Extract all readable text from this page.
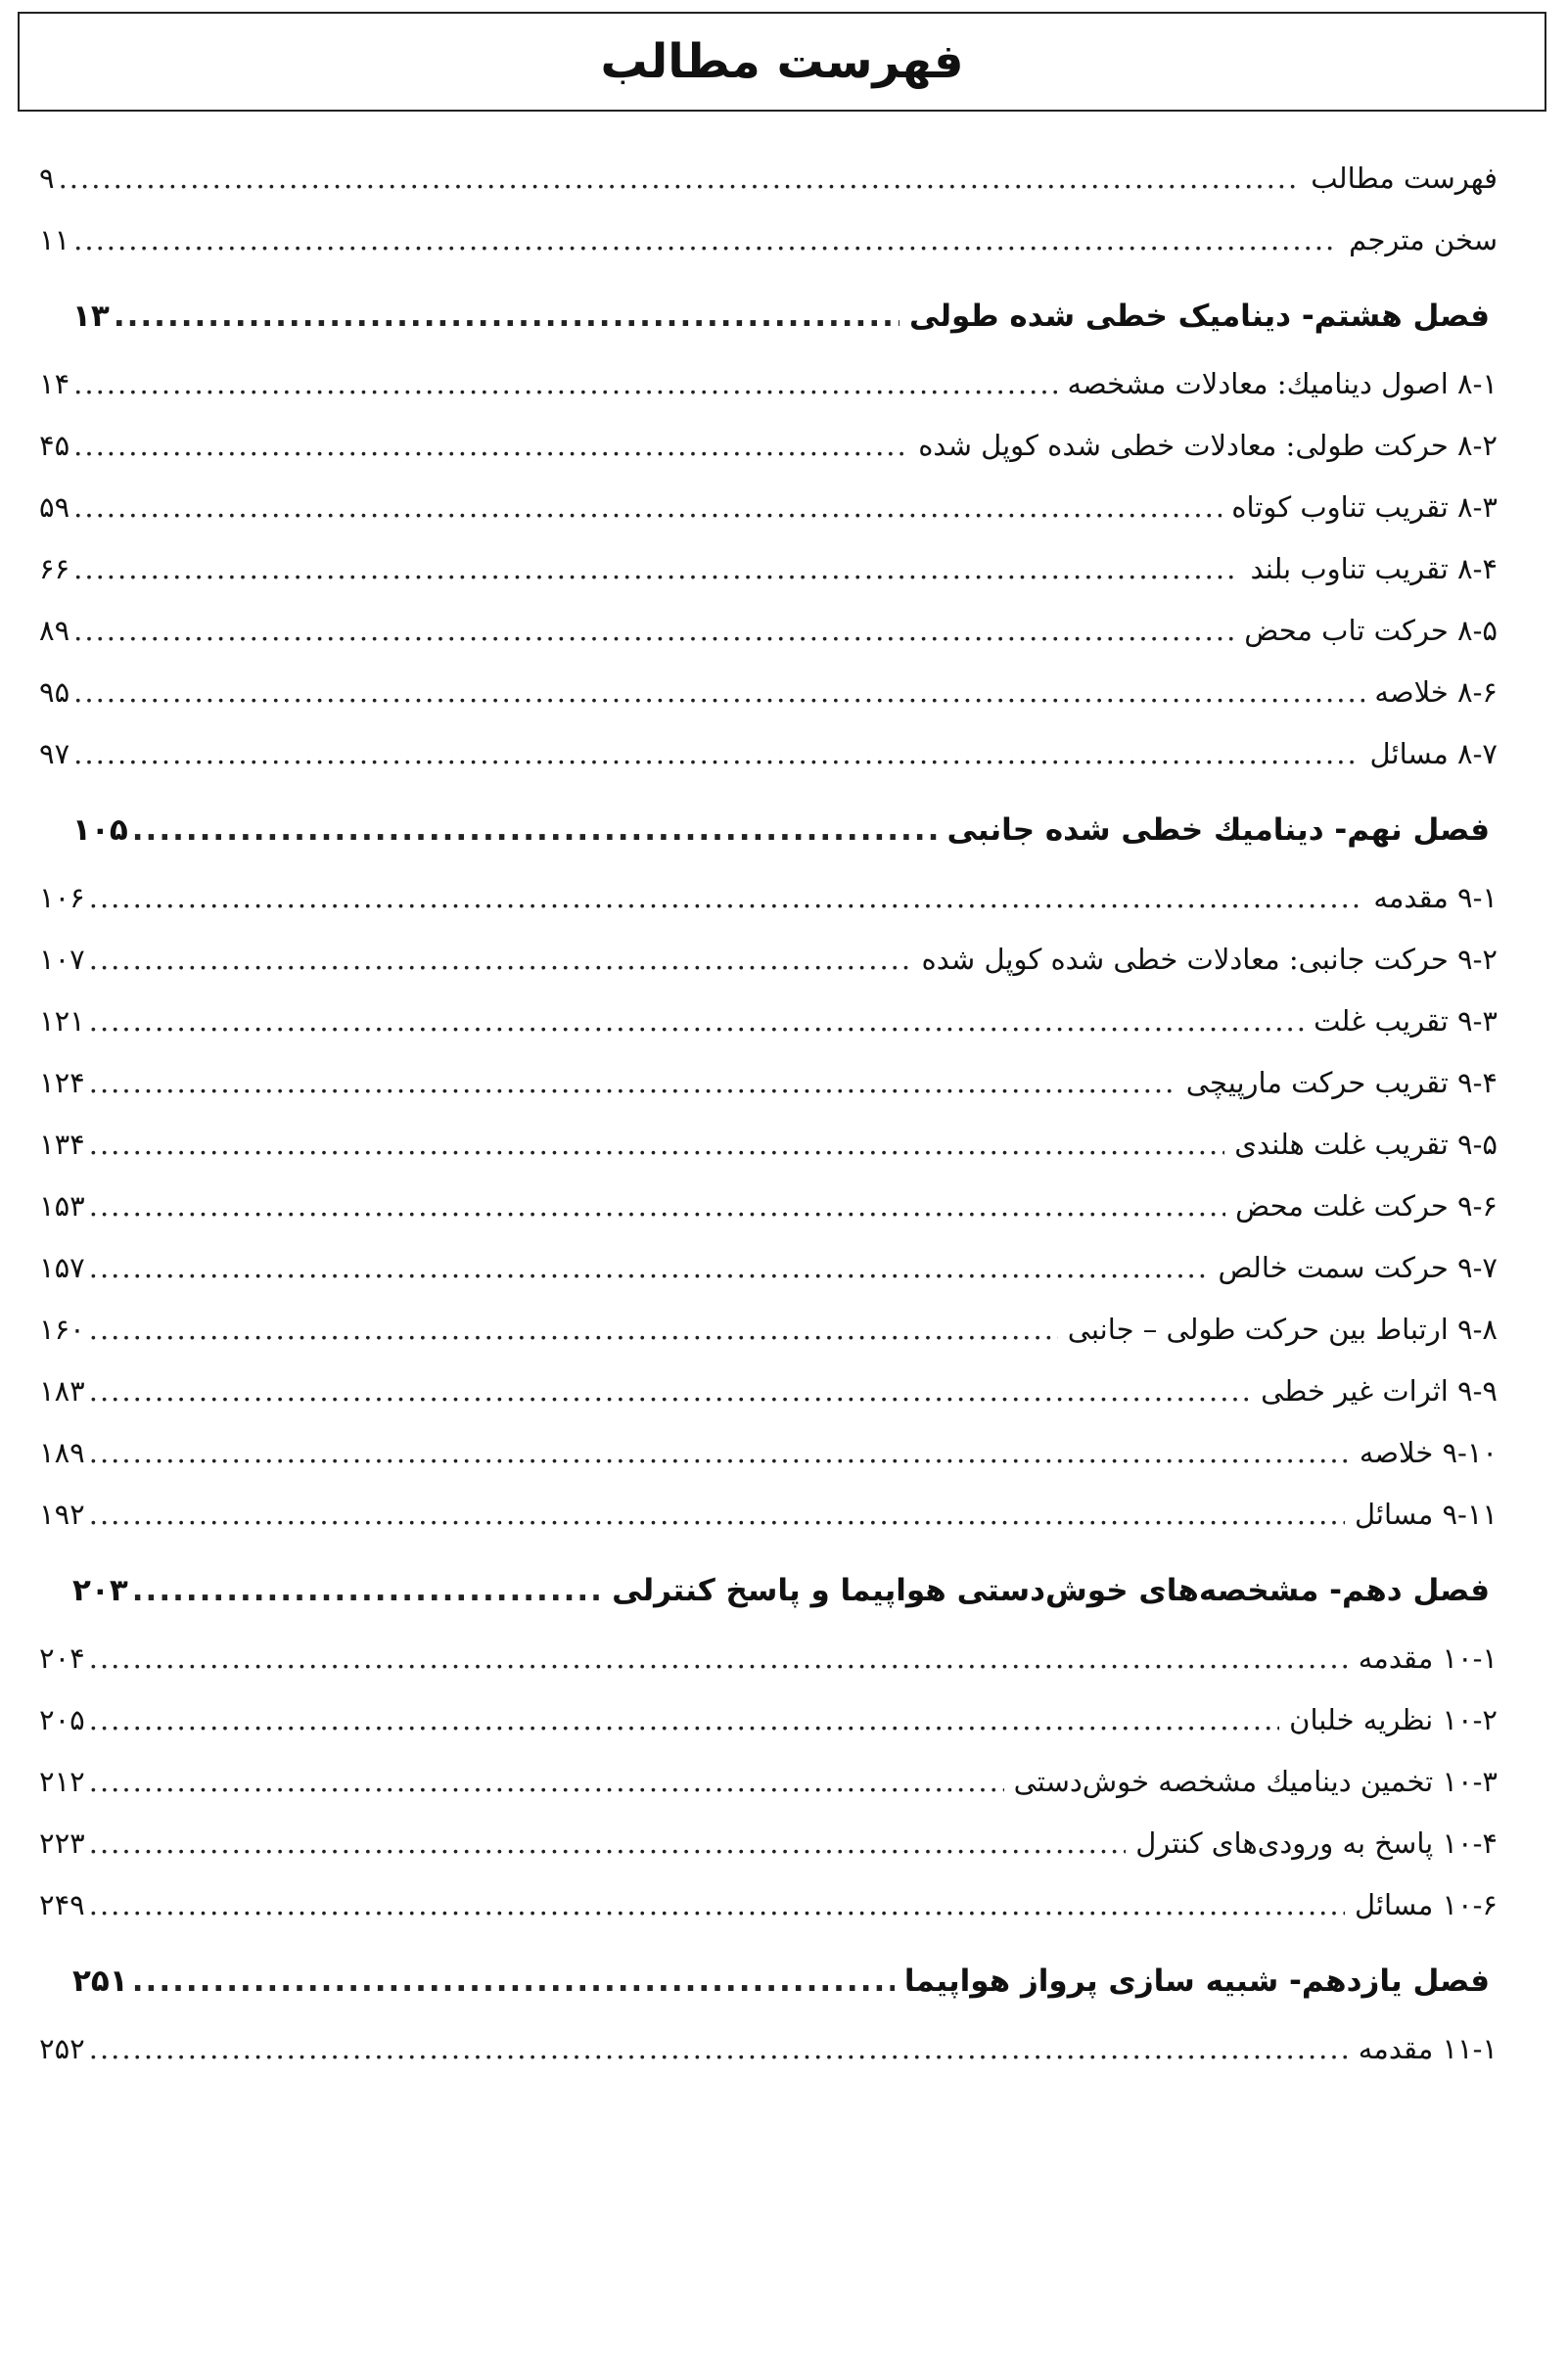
فهرست مطالب
فهرست مطالب
.....
۹
سخن مترجم
.....
۱۱
فصل هشتم- دینامیک خطی شده طولی
.....
۱۳
۸-۱ اصول دینامیك: معادلات مشخصه
.....
۱۴
۸-۲ حرکت طولی: معادلات خطی شده کوپل شده
.....
۴۵
۸-۳ تقریب تناوب کوتاه
.....
۵۹
۸-۴ تقریب تناوب بلند
.....
۶۶
۸-۵ حرکت تاب محض
.....
۸۹
۸-۶ خلاصه
.....
۹۵
۸-۷ مسائل
.....
۹۷
فصل نهم- دینامیك خطی شده جانبی
.....
۱۰۵
۹-۱ مقدمه
.....
۱۰۶
۹-۲ حرکت جانبی: معادلات خطی شده کوپل شده
.....
۱۰۷
۹-۳ تقریب غلت
.....
۱۲۱
۹-۴ تقریب حرکت مارپیچی
.....
۱۲۴
۹-۵ تقریب غلت هلندی
.....
۱۳۴
۹-۶ حرکت غلت محض
.....
۱۵۳
۹-۷ حرکت سمت خالص
.....
۱۵۷
۹-۸ ارتباط بین حرکت طولی – جانبی
.....
۱۶۰
۹-۹ اثرات غیر خطی
.....
۱۸۳
۹-۱۰ خلاصه
.....
۱۸۹
۹-۱۱ مسائل
.....
۱۹۲
فصل دهم- مشخصه‌های خوش‌دستی هواپیما و پاسخ کنترلی
.....
۲۰۳
۱۰-۱ مقدمه
.....
۲۰۴
۱۰-۲ نظریه خلبان
.....
۲۰۵
۱۰-۳ تخمین دینامیك مشخصه خوش‌دستی
.....
۲۱۲
۱۰-۴ پاسخ به ورودی‌های کنترل
.....
۲۲۳
۱۰-۶ مسائل
.....
۲۴۹
فصل یازدهم- شبیه سازی پرواز هواپیما
.....
۲۵۱
۱۱-۱ مقدمه
.....
۲۵۲
